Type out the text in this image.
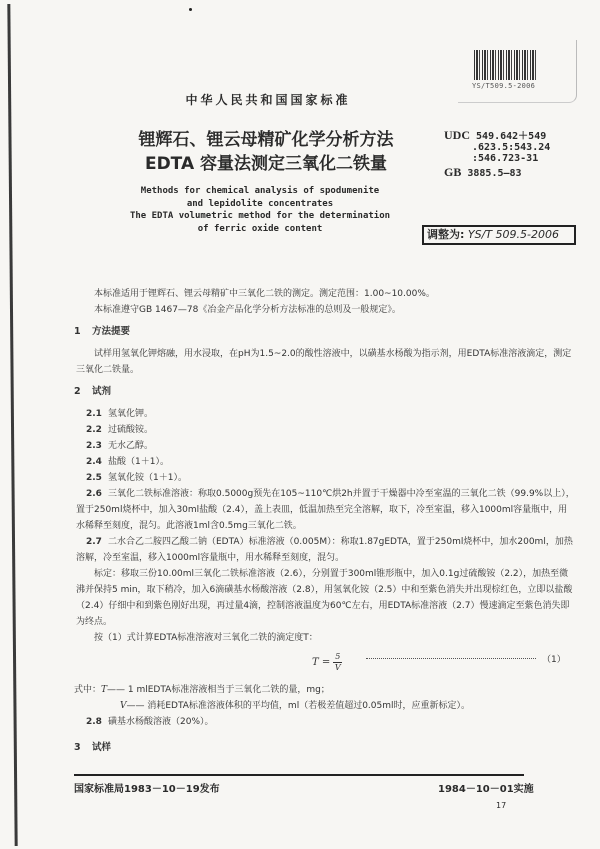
YS/T509.5-2006
中华人民共和国国家标准
锂辉石、锂云母精矿化学分析方法
EDTA 容量法测定三氧化二铁量
UDC 549.642＋549
.623.5:543.24
:546.723-31
GB 3885.5—83
Methods for chemical analysis of spodumenite
and lepidolite concentrates
The EDTA volumetric method for the determination
of ferric oxide content	调整为: YS/T 509.5-2006

本标准适用于锂辉石、锂云母精矿中三氧化二铁的测定。测定范围：1.00~10.00%。

本标准遵守GB 1467—78《冶金产品化学分析方法标准的总则及一般规定》。

1 方法提要

试样用氢氧化钾熔融，用水浸取，在pH为1.5~2.0的酸性溶液中，以磺基水杨酸为指示剂，用EDTA标准溶液滴定，测定三氧化二铁量。

2 试剂
2.1 氢氧化钾。
2.2 过硫酸铵。
2.3 无水乙醇。
2.4 盐酸（1＋1）。
2.5 氢氧化铵（1＋1）。

2.6 三氧化二铁标准溶液：称取0.5000g预先在105~110℃烘2h并置于干燥器中冷至室温的三氧化二铁（99.9%以上），置于250ml烧杯中，加入30ml盐酸（2.4），盖上表皿，低温加热至完全溶解，取下，冷至室温，移入1000ml容量瓶中，用水稀释至刻度，混匀。此溶液1ml含0.5mg三氧化二铁。

2.7 二水合乙二胺四乙酸二钠（EDTA）标准溶液（0.005M）：称取1.87gEDTA，置于250ml烧杯中，加水200ml，加热溶解，冷至室温，移入1000ml容量瓶中，用水稀释至刻度，混匀。

标定：移取三份10.00ml三氧化二铁标准溶液（2.6），分别置于300ml锥形瓶中，加入0.1g过硫酸铵（2.2），加热至微沸并保持5 min，取下稍冷，加入6滴磺基水杨酸溶液（2.8），用氢氧化铵（2.5）中和至紫色消失并出现棕红色，立即以盐酸（2.4）仔细中和到紫色刚好出现，再过量4滴，控制溶液温度为60℃左右，用EDTA标准溶液（2.7）慢速滴定至紫色消失即为终点。

按（1）式计算EDTA标准溶液对三氧化二铁的滴定度T：

$T = \frac{5}{V}$	（1）
式中：T—— 1 mlEDTA标准溶液相当于三氧化二铁的量，mg；
V—— 消耗EDTA标准溶液体积的平均值，ml（若极差值超过0.05ml时，应重新标定）。
2.8 磺基水杨酸溶液（20%）。
3 试样
国家标准局1983－10－19发布	1984－10－01实施
17
